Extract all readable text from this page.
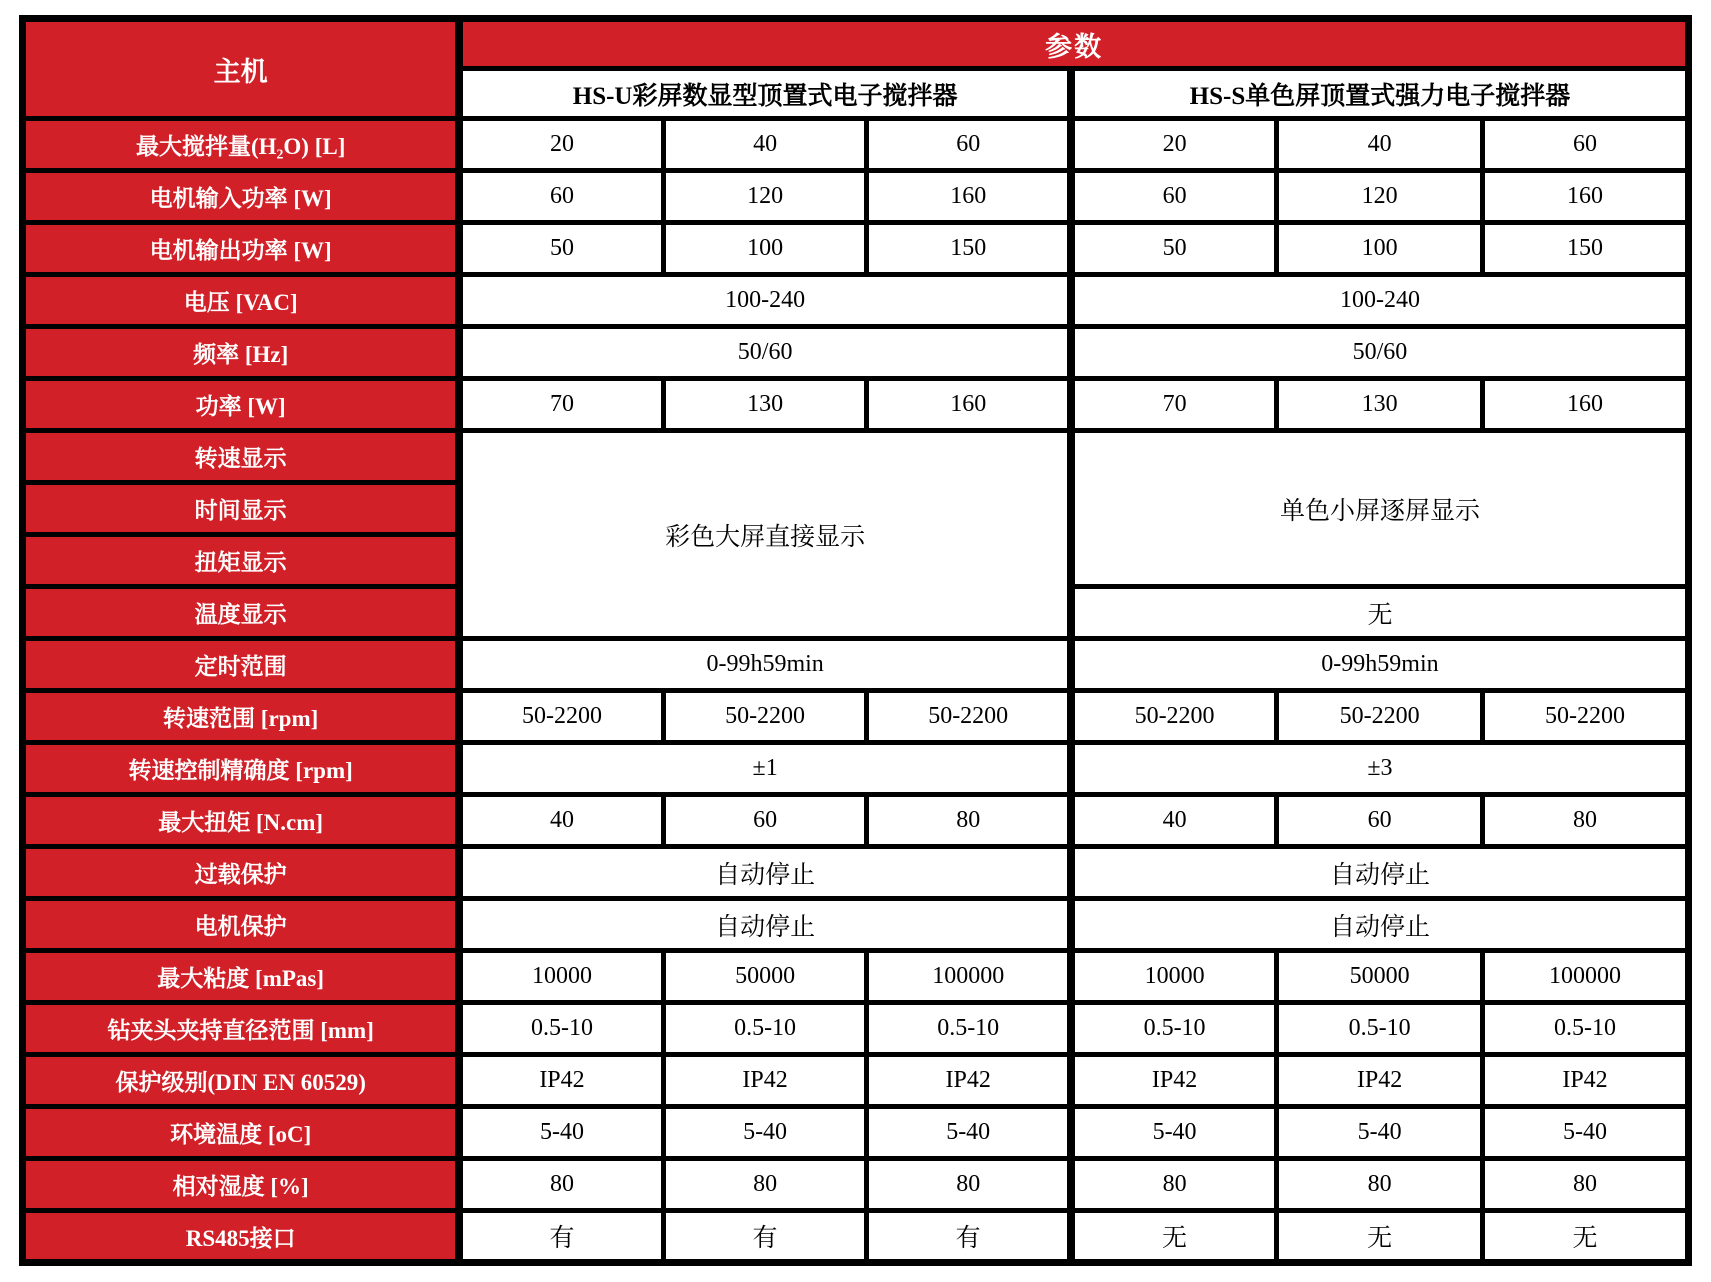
主机	参数					
	HS-U彩屏数显型顶置式电子搅拌器			HS-S单色屏顶置式强力电子搅拌器		
最大搅拌量(H₂O) [L]	20	40	60	20	40	60
电机输入功率 [W]	60	120	160	60	120	160
电机输出功率 [W]	50	100	150	50	100	150
电压 [VAC]	100-240			100-240		
频率 [Hz]	50/60			50/60		
功率 [W]	70	130	160	70	130	160
转速显示	彩色大屏直接显示			单色小屏逐屏显示		
时间显示						
扭矩显示						
温度显示				无		
定时范围	0-99h59min			0-99h59min		
转速范围 [rpm]	50-2200	50-2200	50-2200	50-2200	50-2200	50-2200
转速控制精确度 [rpm]	±1			±3		
最大扭矩 [N.cm]	40	60	80	40	60	80
过载保护	自动停止			自动停止		
电机保护	自动停止			自动停止		
最大粘度 [mPas]	10000	50000	100000	10000	50000	100000
钻夹头夹持直径范围 [mm]	0.5-10	0.5-10	0.5-10	0.5-10	0.5-10	0.5-10
保护级别(DIN EN 60529)	IP42	IP42	IP42	IP42	IP42	IP42
环境温度 [oC]	5-40	5-40	5-40	5-40	5-40	5-40
相对湿度 [%]	80	80	80	80	80	80
RS485接口	有	有	有	无	无	无
